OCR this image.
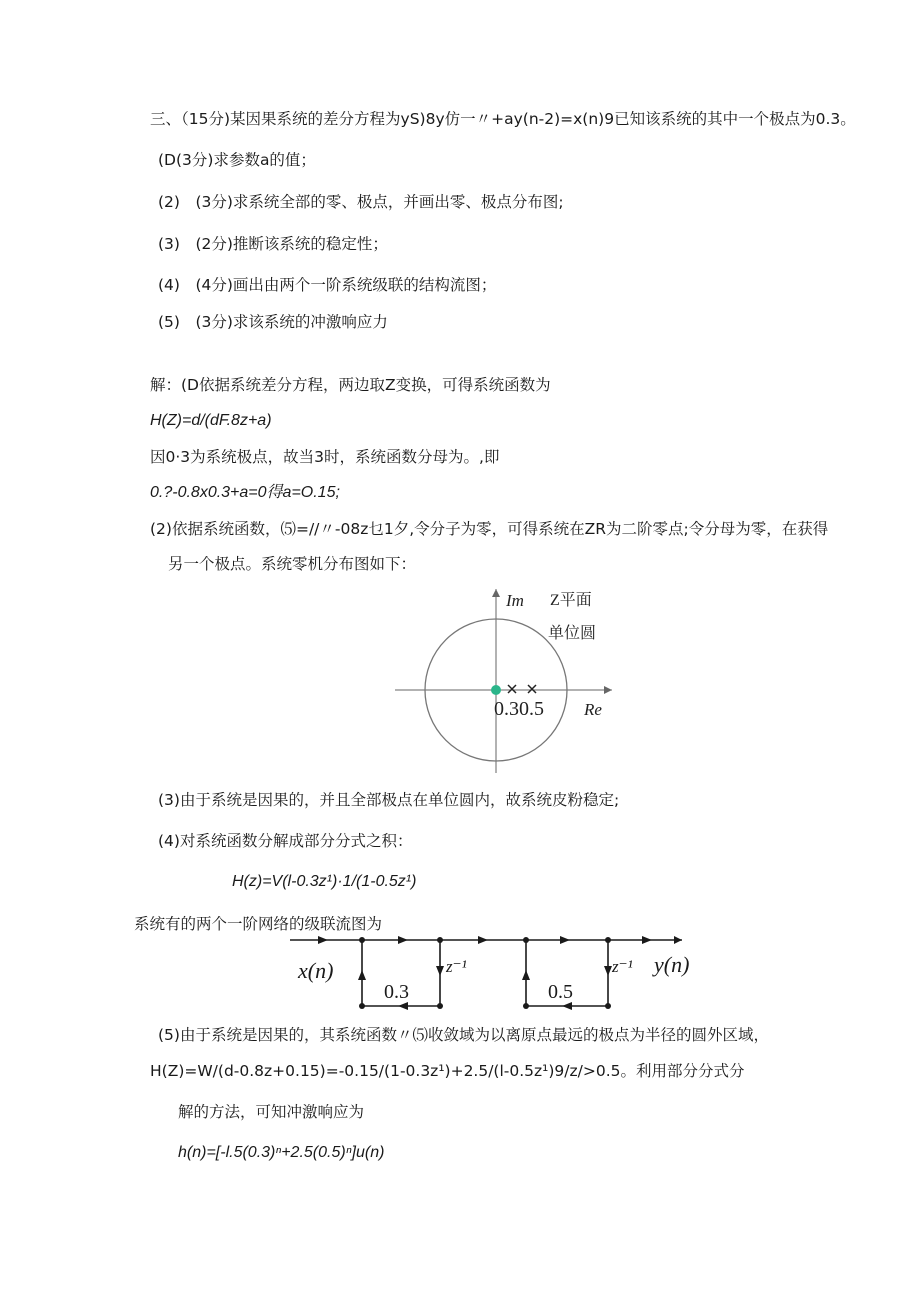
三、（15分)某因果系统的差分方程为yS)8y仿一〃+ay(n-2)=x(n)9已知该系统的其中一个极点为0.3。
(D(3分)求参数a的值；
(2)　(3分)求系统全部的零、极点，并画出零、极点分布图;
(3)　(2分)推断该系统的稳定性；
(4)　(4分)画出由两个一阶系统级联的结构流图；
(5)　(3分)求该系统的冲激响应力
解：(D依据系统差分方程，两边取Z变换，可得系统函数为
H(Z)=d/(dF.8z+a)
因0·3为系统极点，故当3时，系统函数分母为。,即
0.?-0.8x0.3+a=0得a=O.15;
(2)依据系统函数，⑸=//〃-08z乜1夕,令分子为零，可得系统在ZR为二阶零点;令分母为零，在获得
另一个极点。系统零机分布图如下：
Im Z平面
单位圆
0.30.5 Re
(3)由于系统是因果的，并且全部极点在单位圆内，故系统皮粉稳定;
(4)对系统函数分解成部分分式之积：
H(z)=V(l-0.3z¹)·1/(1-0.5z¹)
系统有的两个一阶网络的级联流图为
x(n)	z⁻¹	z⁻¹ y(n)
0.3	0.5
(5)由于系统是因果的，其系统函数〃⑸收敛域为以离原点最远的极点为半径的圆外区域，
H(Z)=W/(d-0.8z+0.15)=-0.15/(1-0.3z¹)+2.5/(l-0.5z¹)9/z/>0.5。利用部分分式分
解的方法，可知冲激响应为
h(n)=[-l.5(0.3)ⁿ+2.5(0.5)ⁿ]u(n)
